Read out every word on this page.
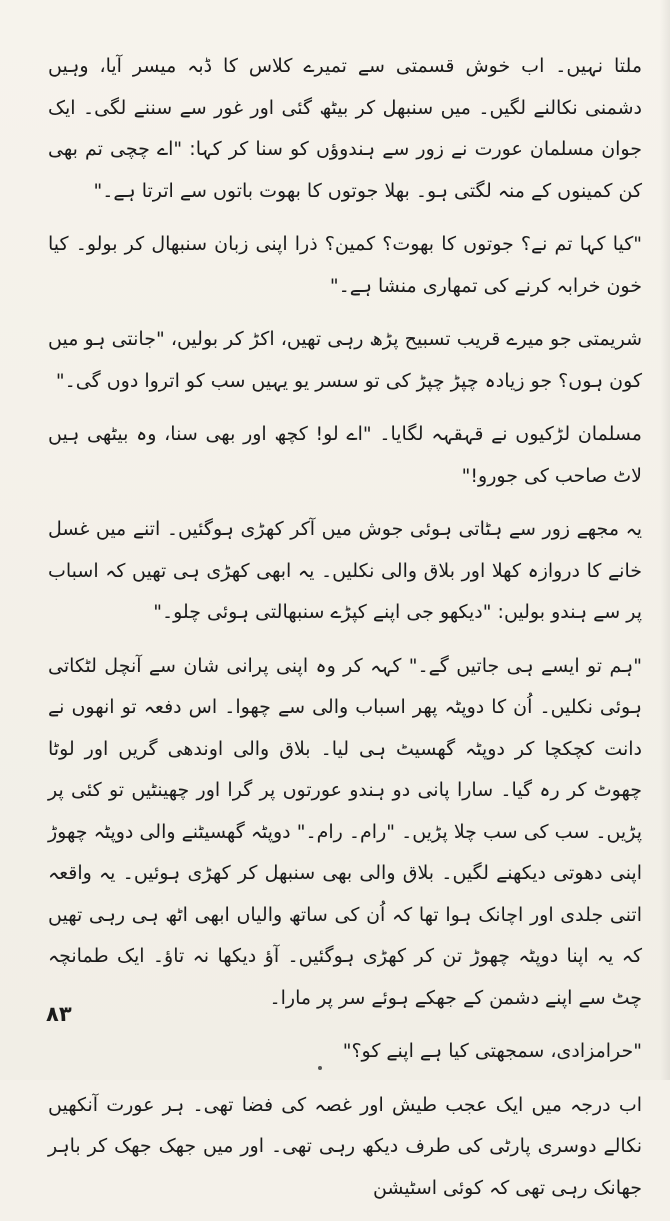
ملتا نہیں۔ اب خوش قسمتی سے تمیرے کلاس کا ڈبہ میسر آیا، وہیں دشمنی نکالنے لگیں۔ میں سنبھل کر بیٹھ گئی اور غور سے سننے لگی۔ ایک جوان مسلمان عورت نے زور سے ہندوؤں کو سنا کر کہا: "اے چچی تم بھی کن کمینوں کے منہ لگتی ہو۔ بھلا جوتوں کا بھوت باتوں سے اترتا ہے۔"

"کیا کہا تم نے؟ جوتوں کا بھوت؟ کمین؟ ذرا اپنی زبان سنبھال کر بولو۔ کیا خون خرابہ کرنے کی تمھاری منشا ہے۔"

شریمتی جو میرے قریب تسبیح پڑھ رہی تھیں، اکڑ کر بولیں، "جانتی ہو میں کون ہوں؟ جو زیادہ چپڑ چپڑ کی تو سسر یو یہیں سب کو اتروا دوں گی۔"

مسلمان لڑکیوں نے قہقہہ لگایا۔ "اے لو! کچھ اور بھی سنا، وہ بیٹھی ہیں لاٹ صاحب کی جورو!"

یہ مجھے زور سے ہٹاتی ہوئی جوش میں آکر کھڑی ہوگئیں۔ اتنے میں غسل خانے کا دروازہ کھلا اور بلاق والی نکلیں۔ یہ ابھی کھڑی ہی تھیں کہ اسباب پر سے ہندو بولیں: "دیکھو جی اپنے کپڑے سنبھالتی ہوئی چلو۔"

"ہم تو ایسے ہی جاتیں گے۔" کہہ کر وہ اپنی پرانی شان سے آنچل لٹکاتی ہوئی نکلیں۔ اُن کا دوپٹہ پھر اسباب والی سے چھوا۔ اس دفعہ تو انھوں نے دانت کچکچا کر دوپٹہ گھسیٹ ہی لیا۔ بلاق والی اوندھی گریں اور لوٹا چھوٹ کر رہ گیا۔ سارا پانی دو ہندو عورتوں پر گرا اور چھینٹیں تو کئی پر پڑیں۔ سب کی سب چلا پڑیں۔ "رام۔ رام۔" دوپٹہ گھسیٹنے والی دوپٹہ چھوڑ اپنی دھوتی دیکھنے لگیں۔ بلاق والی بھی سنبھل کر کھڑی ہوئیں۔ یہ واقعہ اتنی جلدی اور اچانک ہوا تھا کہ اُن کی ساتھ والیاں ابھی اٹھ ہی رہی تھیں کہ یہ اپنا دوپٹہ چھوڑ تن کر کھڑی ہوگئیں۔ آؤ دیکھا نہ تاؤ۔ ایک طمانچہ چٹ سے اپنے دشمن کے جھکے ہوئے سر پر مارا۔

"حرامزادی، سمجھتی کیا ہے اپنے کو؟"

اب درجہ میں ایک عجب طیش اور غصہ کی فضا تھی۔ ہر عورت آنکھیں نکالے دوسری پارٹی کی طرف دیکھ رہی تھی۔ اور میں جھک جھک کر باہر جھانک رہی تھی کہ کوئی اسٹیشن

۸۳
